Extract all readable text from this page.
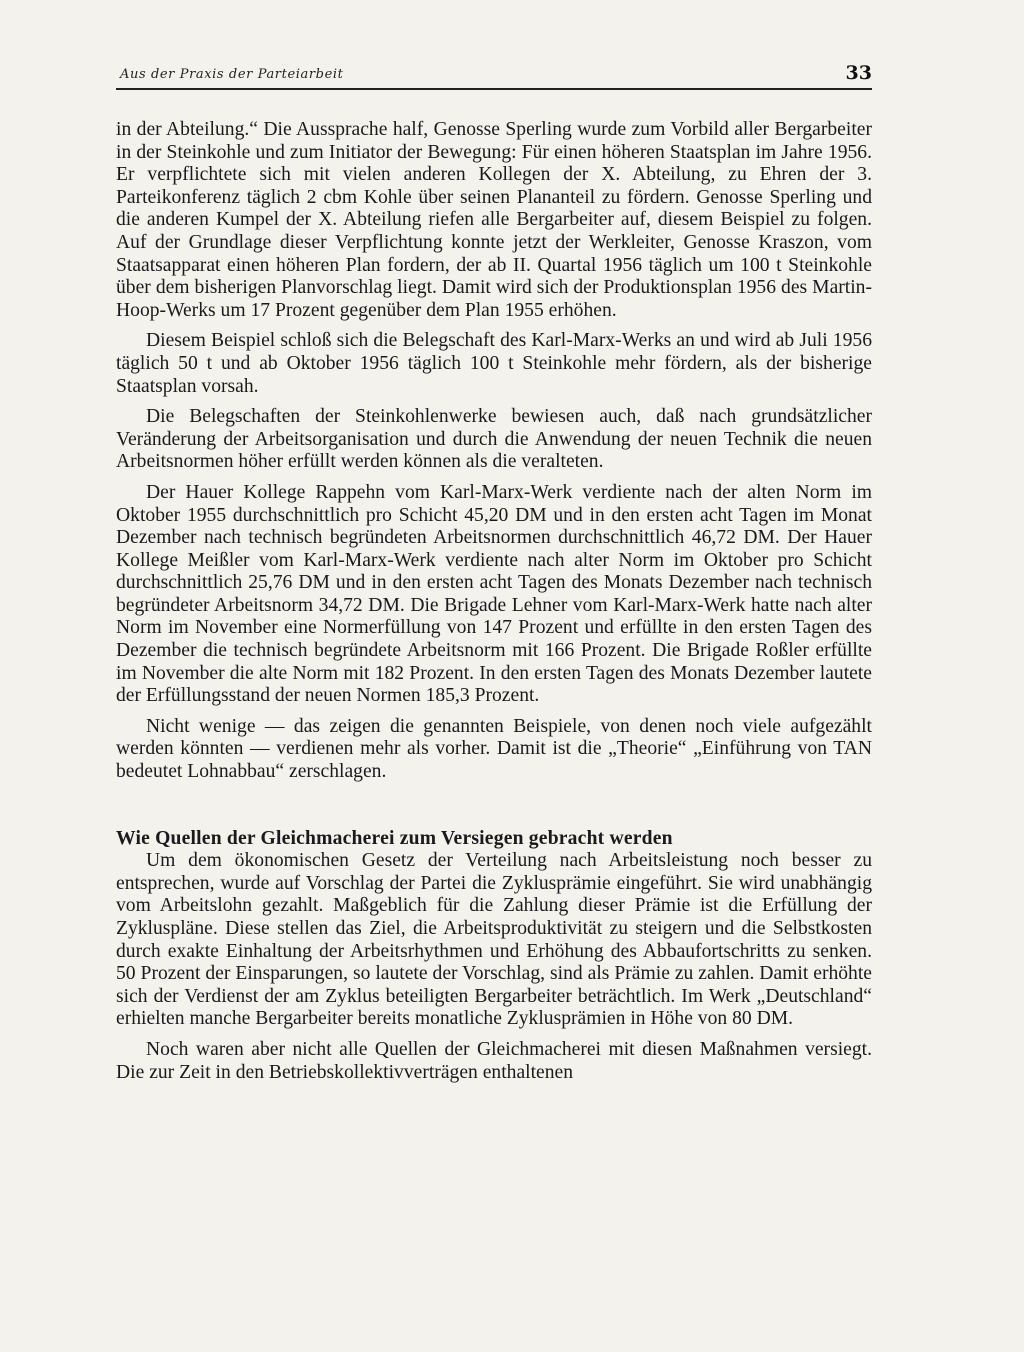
Aus der Praxis der Parteiarbeit	33

in der Abteilung.“ Die Aussprache half, Genosse Sperling wurde zum Vorbild aller Bergarbeiter in der Steinkohle und zum Initiator der Bewegung: Für einen höheren Staatsplan im Jahre 1956. Er verpflichtete sich mit vielen anderen Kollegen der X. Abteilung, zu Ehren der 3. Parteikonferenz täglich 2 cbm Kohle über seinen Plananteil zu fördern. Genosse Sperling und die anderen Kumpel der X. Abteilung riefen alle Bergarbeiter auf, diesem Beispiel zu folgen. Auf der Grundlage dieser Verpflichtung konnte jetzt der Werkleiter, Genosse Kraszon, vom Staatsapparat einen höheren Plan fordern, der ab II. Quartal 1956 täglich um 100 t Steinkohle über dem bisherigen Planvorschlag liegt. Damit wird sich der Produktionsplan 1956 des Martin-Hoop-Werks um 17 Prozent gegenüber dem Plan 1955 erhöhen.

Diesem Beispiel schloß sich die Belegschaft des Karl-Marx-Werks an und wird ab Juli 1956 täglich 50 t und ab Oktober 1956 täglich 100 t Steinkohle mehr fördern, als der bisherige Staatsplan vorsah.

Die Belegschaften der Steinkohlenwerke bewiesen auch, daß nach grundsätzlicher Veränderung der Arbeitsorganisation und durch die Anwendung der neuen Technik die neuen Arbeitsnormen höher erfüllt werden können als die veralteten.

Der Hauer Kollege Rappehn vom Karl-Marx-Werk verdiente nach der alten Norm im Oktober 1955 durchschnittlich pro Schicht 45,20 DM und in den ersten acht Tagen im Monat Dezember nach technisch begründeten Arbeitsnormen durchschnittlich 46,72 DM. Der Hauer Kollege Meißler vom Karl-Marx-Werk verdiente nach alter Norm im Oktober pro Schicht durchschnittlich 25,76 DM und in den ersten acht Tagen des Monats Dezember nach technisch begründeter Arbeitsnorm 34,72 DM. Die Brigade Lehner vom Karl-Marx-Werk hatte nach alter Norm im November eine Normerfüllung von 147 Prozent und erfüllte in den ersten Tagen des Dezember die technisch begründete Arbeitsnorm mit 166 Prozent. Die Brigade Roßler erfüllte im November die alte Norm mit 182 Prozent. In den ersten Tagen des Monats Dezember lautete der Erfüllungsstand der neuen Normen 185,3 Prozent.

Nicht wenige — das zeigen die genannten Beispiele, von denen noch viele aufgezählt werden könnten — verdienen mehr als vorher. Damit ist die „Theorie“ „Einführung von TAN bedeutet Lohnabbau“ zerschlagen.

Wie Quellen der Gleichmacherei zum Versiegen gebracht werden

Um dem ökonomischen Gesetz der Verteilung nach Arbeitsleistung noch besser zu entsprechen, wurde auf Vorschlag der Partei die Zyklusprämie eingeführt. Sie wird unabhängig vom Arbeitslohn gezahlt. Maßgeblich für die Zahlung dieser Prämie ist die Erfüllung der Zykluspläne. Diese stellen das Ziel, die Arbeitsproduktivität zu steigern und die Selbstkosten durch exakte Einhaltung der Arbeitsrhythmen und Erhöhung des Abbaufortschritts zu senken. 50 Prozent der Einsparungen, so lautete der Vorschlag, sind als Prämie zu zahlen. Damit erhöhte sich der Verdienst der am Zyklus beteiligten Bergarbeiter beträchtlich. Im Werk „Deutschland“ erhielten manche Bergarbeiter bereits monatliche Zyklusprämien in Höhe von 80 DM.

Noch waren aber nicht alle Quellen der Gleichmacherei mit diesen Maßnahmen versiegt. Die zur Zeit in den Betriebskollektivverträgen enthaltenen
